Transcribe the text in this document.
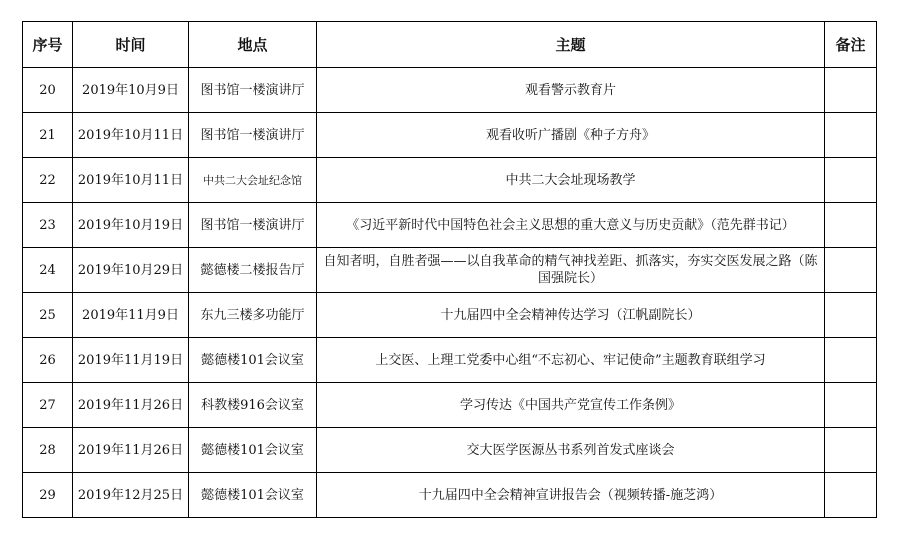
序号	时间	地点	主题	备注
20	2019年10月9日	图书馆一楼演讲厅	观看警示教育片	
21	2019年10月11日	图书馆一楼演讲厅	观看收听广播剧《种子方舟》	
22	2019年10月11日	中共二大会址纪念馆	中共二大会址现场教学	
23	2019年10月19日	图书馆一楼演讲厅	《习近平新时代中国特色社会主义思想的重大意义与历史贡献》（范先群书记）	
24	2019年10月29日	懿德楼二楼报告厅	自知者明，自胜者强——以自我革命的精气神找差距、抓落实，夯实交医发展之路（陈国强院长）	
25	2019年11月9日	东九三楼多功能厅	十九届四中全会精神传达学习（江帆副院长）	
26	2019年11月19日	懿德楼101会议室	上交医、上理工党委中心组“不忘初心、牢记使命”主题教育联组学习	
27	2019年11月26日	科教楼916会议室	学习传达《中国共产党宣传工作条例》	
28	2019年11月26日	懿德楼101会议室	交大医学医源丛书系列首发式座谈会	
29	2019年12月25日	懿德楼101会议室	十九届四中全会精神宣讲报告会（视频转播-施芝鸿）	
